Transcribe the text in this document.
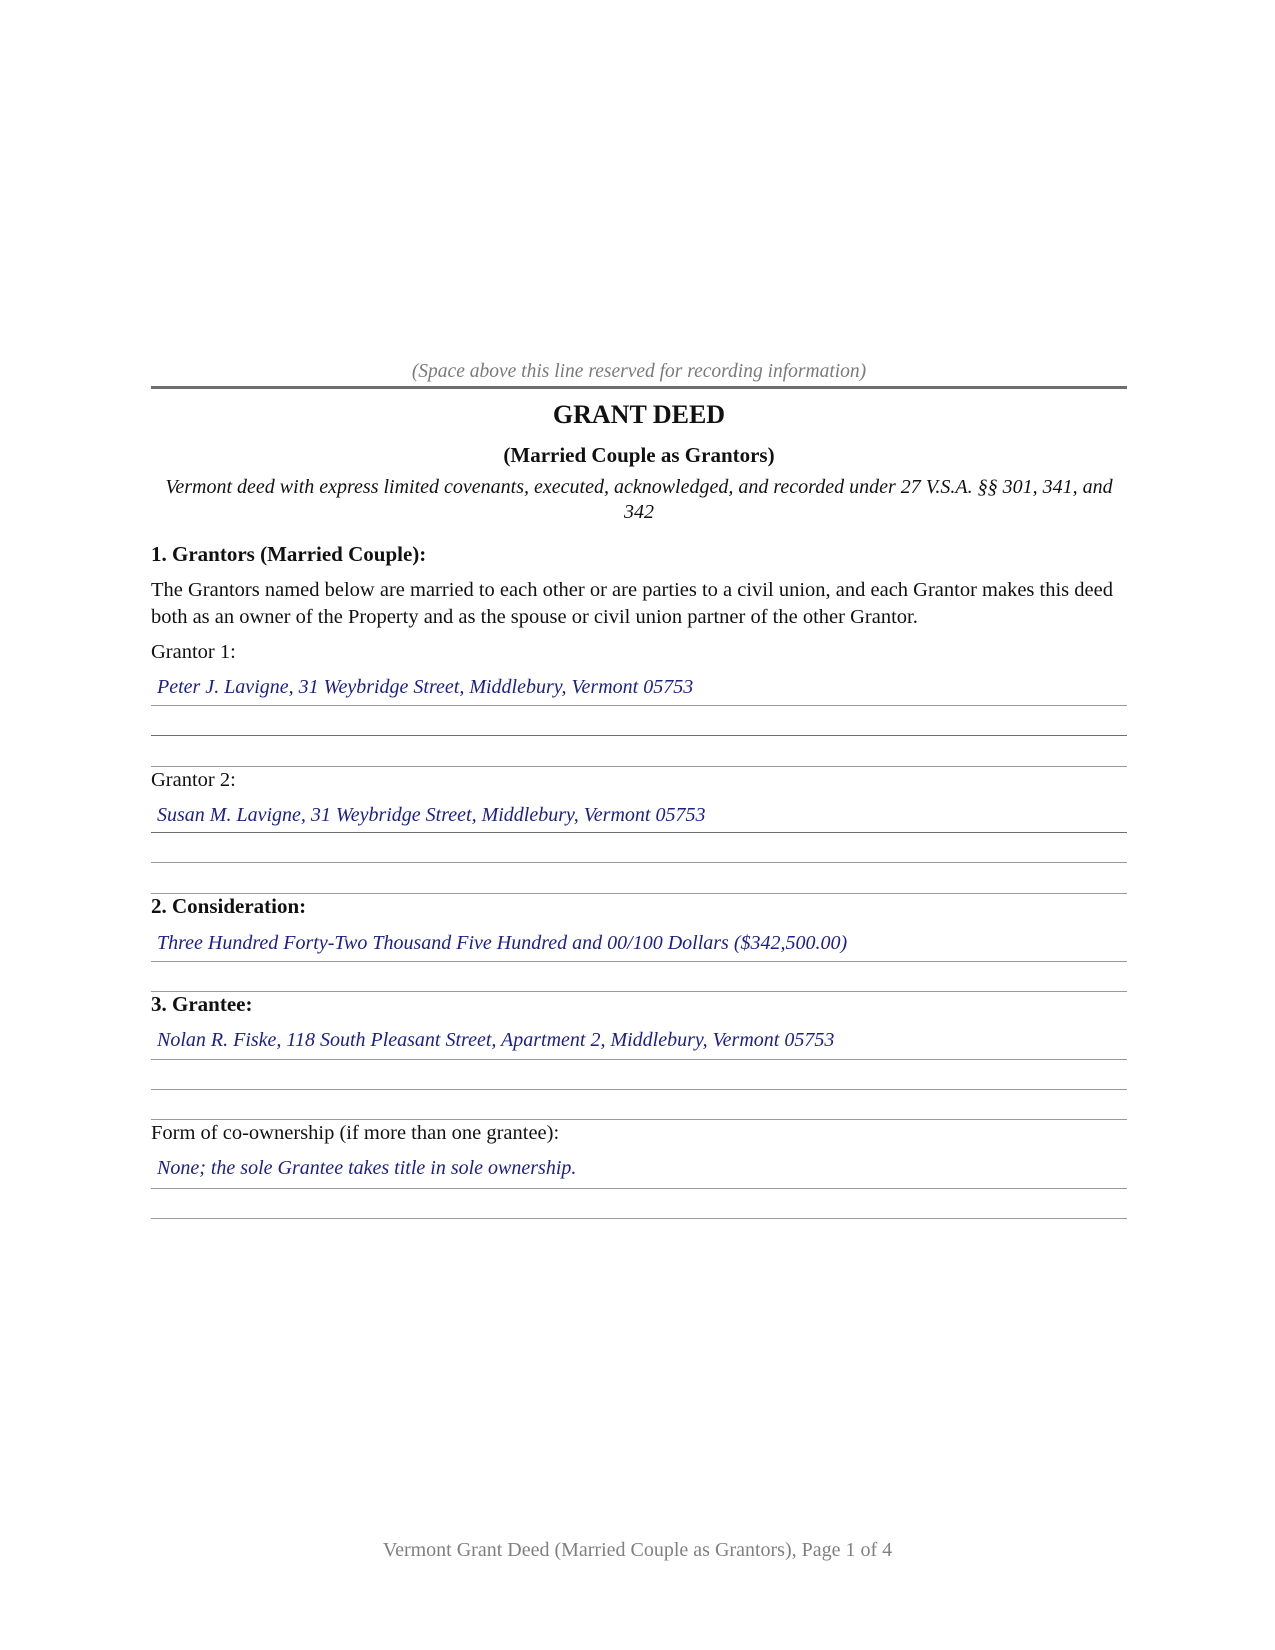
(Space above this line reserved for recording information)
GRANT DEED
(Married Couple as Grantors)
Vermont deed with express limited covenants, executed, acknowledged, and recorded under 27 V.S.A. §§ 301, 341, and 342
1. Grantors (Married Couple):
The Grantors named below are married to each other or are parties to a civil union, and each Grantor makes this deed both as an owner of the Property and as the spouse or civil union partner of the other Grantor.
Grantor 1:
Peter J. Lavigne, 31 Weybridge Street, Middlebury, Vermont 05753
Grantor 2:
Susan M. Lavigne, 31 Weybridge Street, Middlebury, Vermont 05753
2. Consideration:
Three Hundred Forty-Two Thousand Five Hundred and 00/100 Dollars ($342,500.00)
3. Grantee:
Nolan R. Fiske, 118 South Pleasant Street, Apartment 2, Middlebury, Vermont 05753
Form of co-ownership (if more than one grantee):
None; the sole Grantee takes title in sole ownership.
Vermont Grant Deed (Married Couple as Grantors), Page 1 of 4
